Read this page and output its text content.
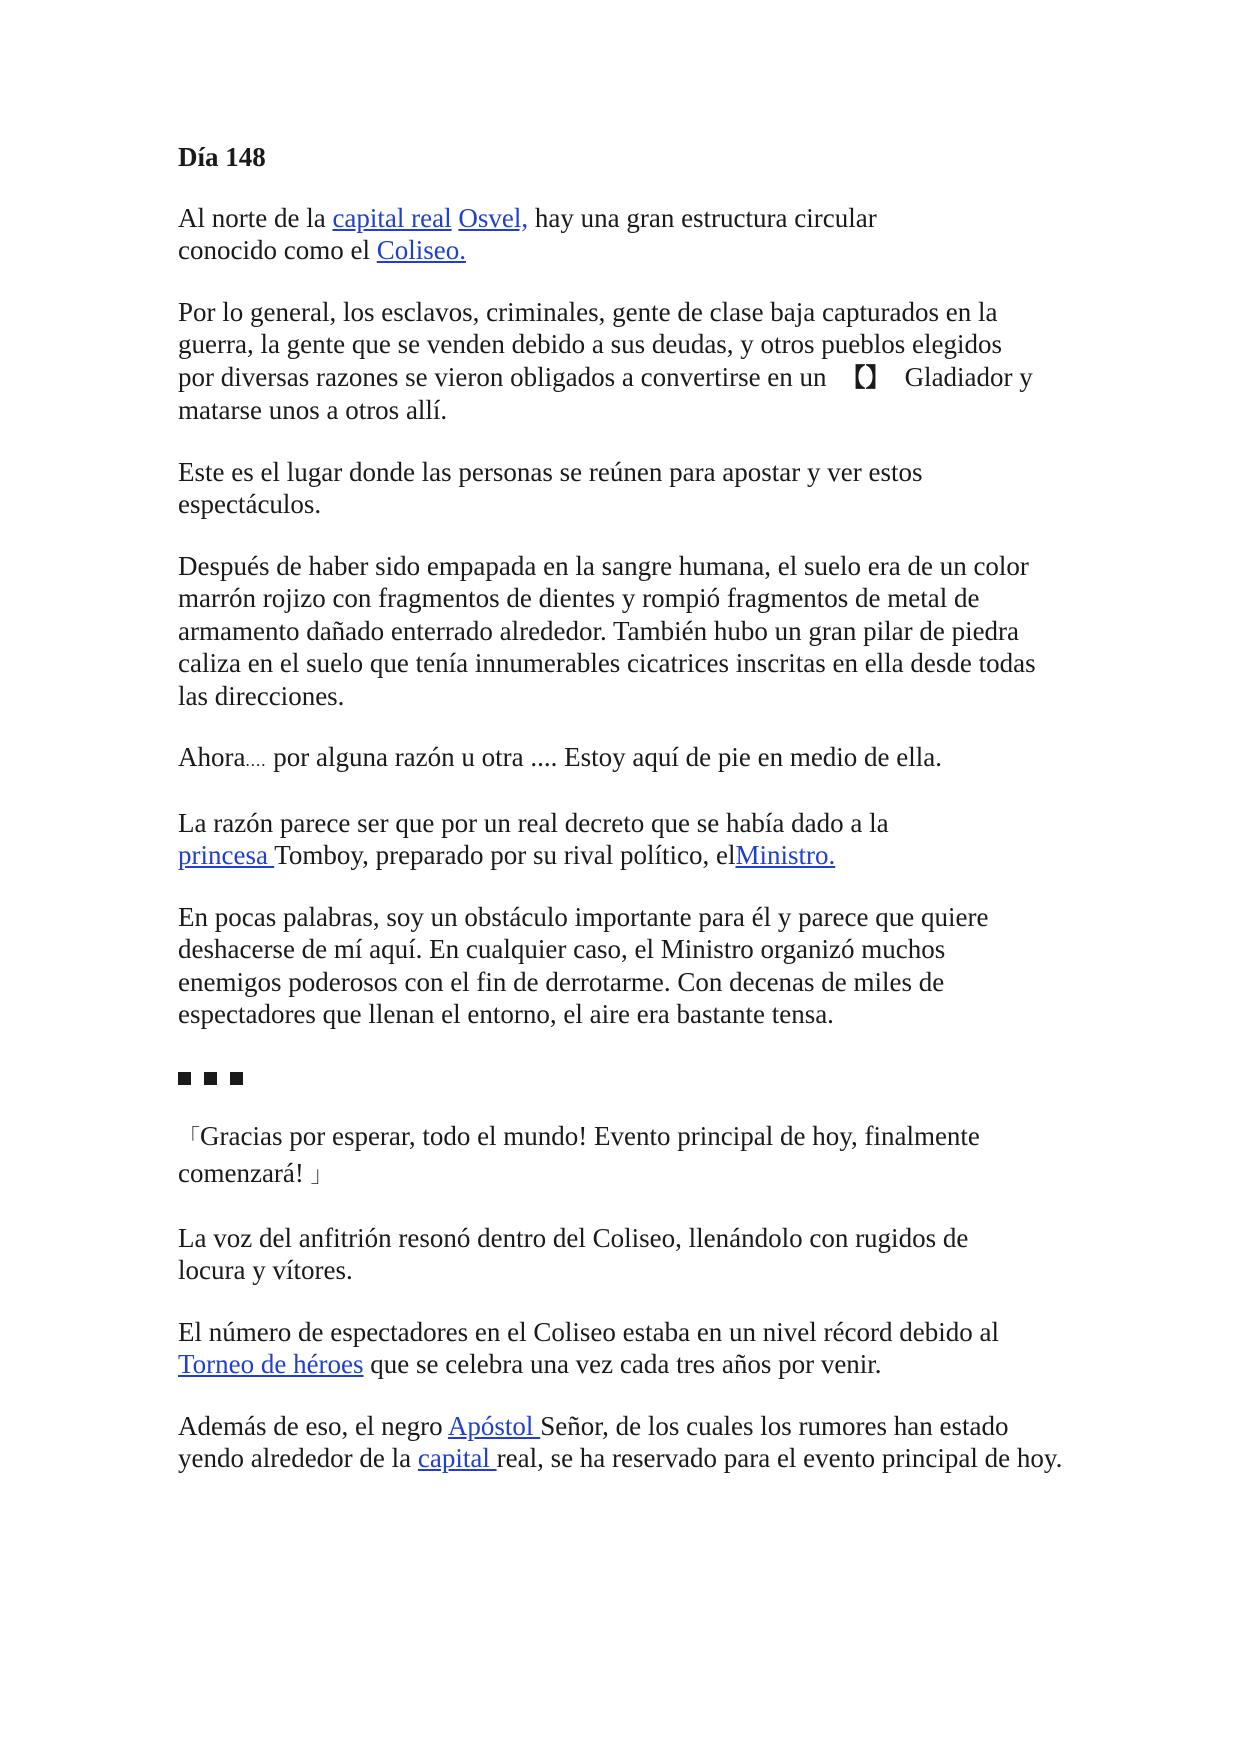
Día 148

Al norte de la capital real Osvel, hay una gran estructura circular conocido como el Coliseo.

Por lo general, los esclavos, criminales, gente de clase baja capturados en la guerra, la gente que se venden debido a sus deudas, y otros pueblos elegidos por diversas razones se vieron obligados a convertirse en un 【】 Gladiador y matarse unos a otros allí.

Este es el lugar donde las personas se reúnen para apostar y ver estos espectáculos.

Después de haber sido empapada en la sangre humana, el suelo era de un color marrón rojizo con fragmentos de dientes y rompió fragmentos de metal de armamento dañado enterrado alrededor. También hubo un gran pilar de piedra caliza en el suelo que tenía innumerables cicatrices inscritas en ella desde todas las direcciones.

Ahora.... por alguna razón u otra .... Estoy aquí de pie en medio de ella.

La razón parece ser que por un real decreto que se había dado a la princesa Tomboy, preparado por su rival político, elMinistro.

En pocas palabras, soy un obstáculo importante para él y parece que quiere deshacerse de mí aquí. En cualquier caso, el Ministro organizó muchos enemigos poderosos con el fin de derrotarme. Con decenas de miles de espectadores que llenan el entorno, el aire era bastante tensa.

「Gracias por esperar, todo el mundo! Evento principal de hoy, finalmente comenzará! 」

La voz del anfitrión resonó dentro del Coliseo, llenándolo con rugidos de locura y vítores.

El número de espectadores en el Coliseo estaba en un nivel récord debido al Torneo de héroes que se celebra una vez cada tres años por venir.

Además de eso, el negro Apóstol Señor, de los cuales los rumores han estado yendo alrededor de la capital real, se ha reservado para el evento principal de hoy.
